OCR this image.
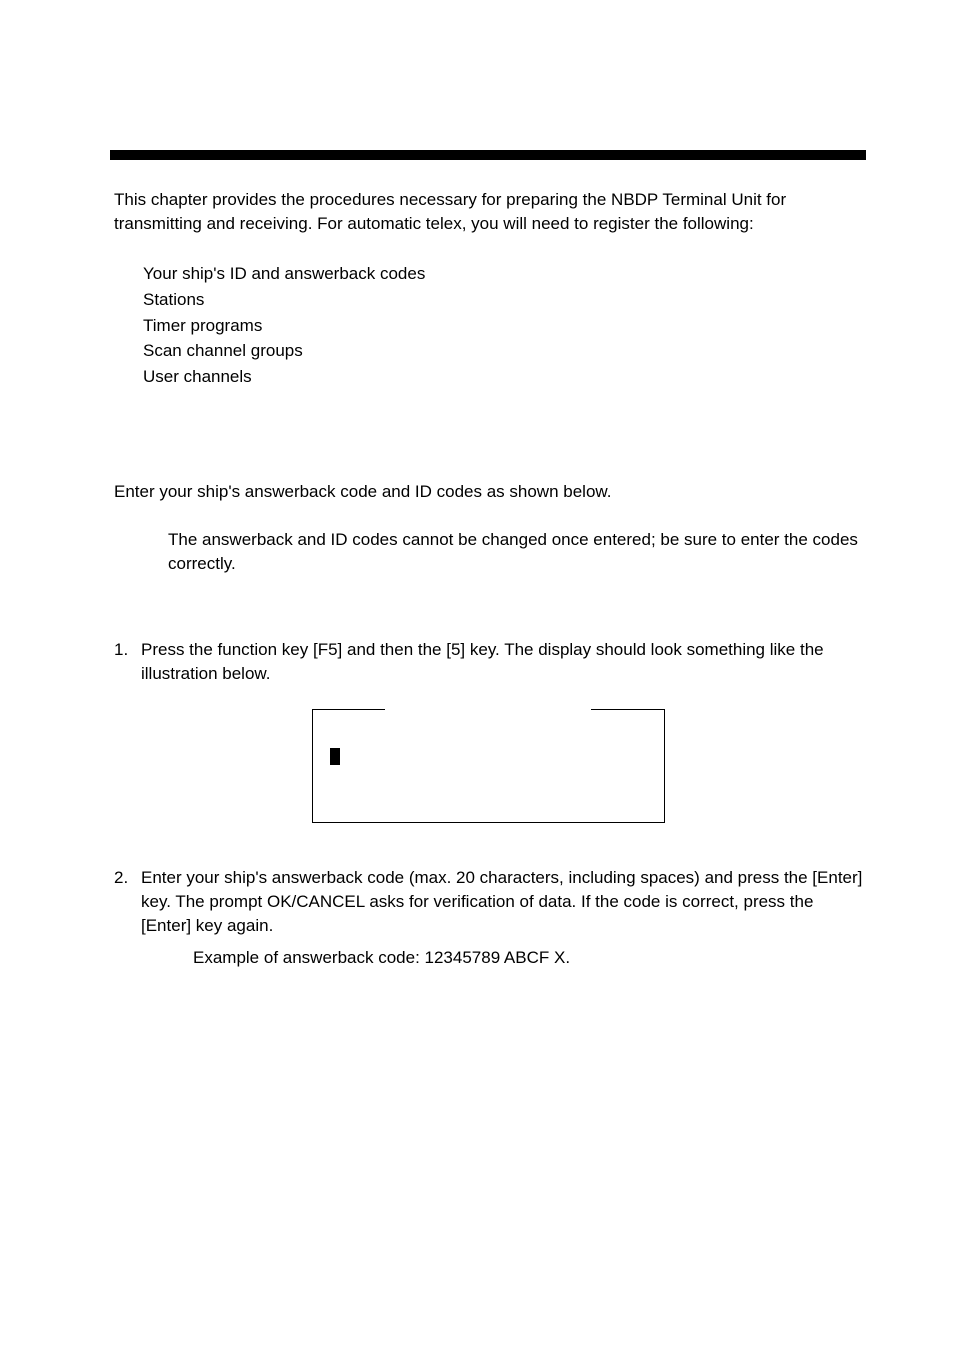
This chapter provides the procedures necessary for preparing the NBDP Terminal Unit for transmitting and receiving. For automatic telex, you will need to register the following:

Your ship's ID and answerback codes
Stations
Timer programs
Scan channel groups
User channels

Enter your ship's answerback code and ID codes as shown below.

The answerback and ID codes cannot be changed once entered; be sure to enter the codes correctly.

1. Press the function key [F5] and then the [5] key. The display should look something like the illustration below.
2. Enter your ship's answerback code (max. 20 characters, including spaces) and press the [Enter] key. The prompt OK/CANCEL asks for verification of data. If the code is correct, press the [Enter] key again.

Example of answerback code: 12345789 ABCF X.
